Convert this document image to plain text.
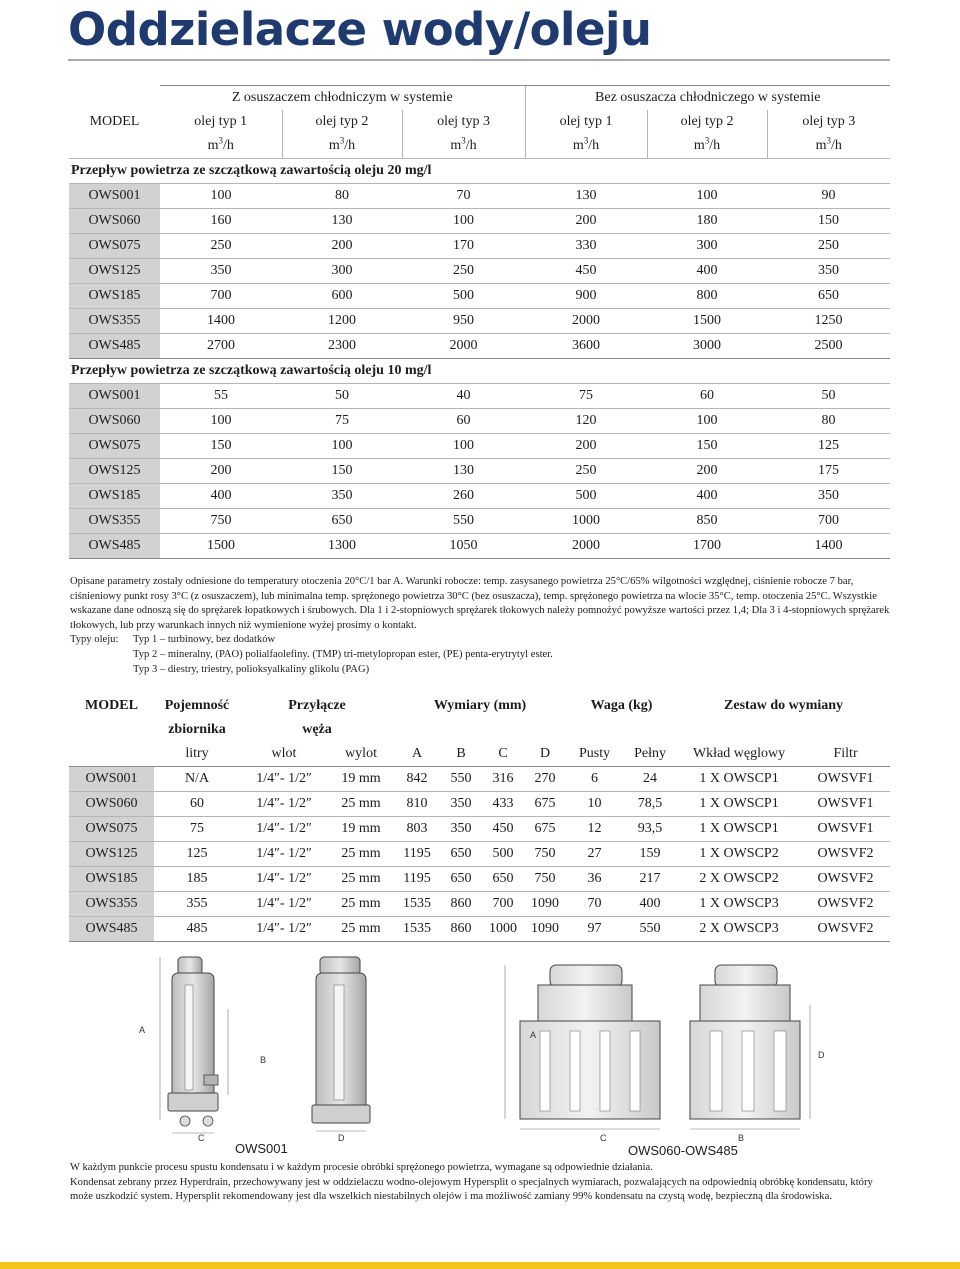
Oddzielacze wody/oleju
	Z osuszaczem chłodniczym w systemie			Bez osuszacza chłodniczego w systemie		
MODEL	olej typ 1	olej typ 2	olej typ 3	olej typ 1	olej typ 2	olej typ 3
	$m^3/h$	$m^3/h$	$m^3/h$	$m^3/h$	$m^3/h$	$m^3/h$
Przepływ powietrza ze szczątkową zawartością oleju 20 mg/l						
OWS001	100	80	70	130	100	90
OWS060	160	130	100	200	180	150
OWS075	250	200	170	330	300	250
OWS125	350	300	250	450	400	350
OWS185	700	600	500	900	800	650
OWS355	1400	1200	950	2000	1500	1250
OWS485	2700	2300	2000	3600	3000	2500
Przepływ powietrza ze szczątkową zawartością oleju 10 mg/l						
OWS001	55	50	40	75	60	50
OWS060	100	75	60	120	100	80
OWS075	150	100	100	200	150	125
OWS125	200	150	130	250	200	175
OWS185	400	350	260	500	400	350
OWS355	750	650	550	1000	850	700
OWS485	1500	1300	1050	2000	1700	1400

Opisane parametry zostały odniesione do temperatury otoczenia 20°C/1 bar A. Warunki robocze: temp. zasysanego powietrza 25°C/65% wilgotności względnej, ciśnienie robocze 7 bar, ciśnieniowy punkt rosy 3°C (z osuszaczem), lub minimalna temp. sprężonego powietrza 30°C (bez osuszacza), temp. sprężonego powietrza na wlocie 35°C, temp. otoczenia 25°C. Wszystkie wskazane dane odnoszą się do sprężarek łopatkowych i śrubowych. Dla 1 i 2-stopniowych sprężarek tłokowych należy pomnożyć powyższe wartości przez 1,4; Dla 3 i 4-stopniowych sprężarek tłokowych, lub przy warunkach innych niż wymienione wyżej prosimy o kontakt.

Typy oleju:	Typ 1 – turbinowy, bez dodatków
Typ 2 – mineralny, (PAO) polialfaolefiny. (TMP) tri-metylopropan ester, (PE) penta-erytrytyl ester.
Typ 3 – diestry, triestry, polioksyalkaliny glikolu (PAG)
MODEL	Pojemność	Przyłącze		Wymiary (mm)				Waga (kg)		Zestaw do wymiany	
	zbiornika	węża									
	litry	wlot	wylot	A	B	C	D	Pusty	Pełny	Wkład węglowy	Filtr
OWS001	N/A	1/4″- 1/2″	19 mm	842	550	316	270	6	24	1 X OWSCP1	OWSVF1
OWS060	60	1/4″- 1/2″	25 mm	810	350	433	675	10	78,5	1 X OWSCP1	OWSVF1
OWS075	75	1/4″- 1/2″	19 mm	803	350	450	675	12	93,5	1 X OWSCP1	OWSVF1
OWS125	125	1/4″- 1/2″	25 mm	1195	650	500	750	27	159	1 X OWSCP2	OWSVF2
OWS185	185	1/4″- 1/2″	25 mm	1195	650	650	750	36	217	2 X OWSCP2	OWSVF2
OWS355	355	1/4″- 1/2″	25 mm	1535	860	700	1090	70	400	1 X OWSCP3	OWSVF2
OWS485	485	1/4″- 1/2″	25 mm	1535	860	1000	1090	97	550	2 X OWSCP3	OWSVF2
A
B
C	D
A
C
D
B
OWS001	OWS060-OWS485

W każdym punkcie procesu spustu kondensatu i w każdym procesie obróbki sprężonego powietrza, wymagane są odpowiednie działania.

Kondensat zebrany przez Hyperdrain, przechowywany jest w oddzielaczu wodno-olejowym Hypersplit o specjalnych wymiarach, pozwalających na odpowiednią obróbkę kondensatu, który może uszkodzić system. Hypersplit rekomendowany jest dla wszelkich niestabilnych olejów i ma możliwość zamiany 99% kondensatu na czystą wodę, bezpieczną dla środowiska.
